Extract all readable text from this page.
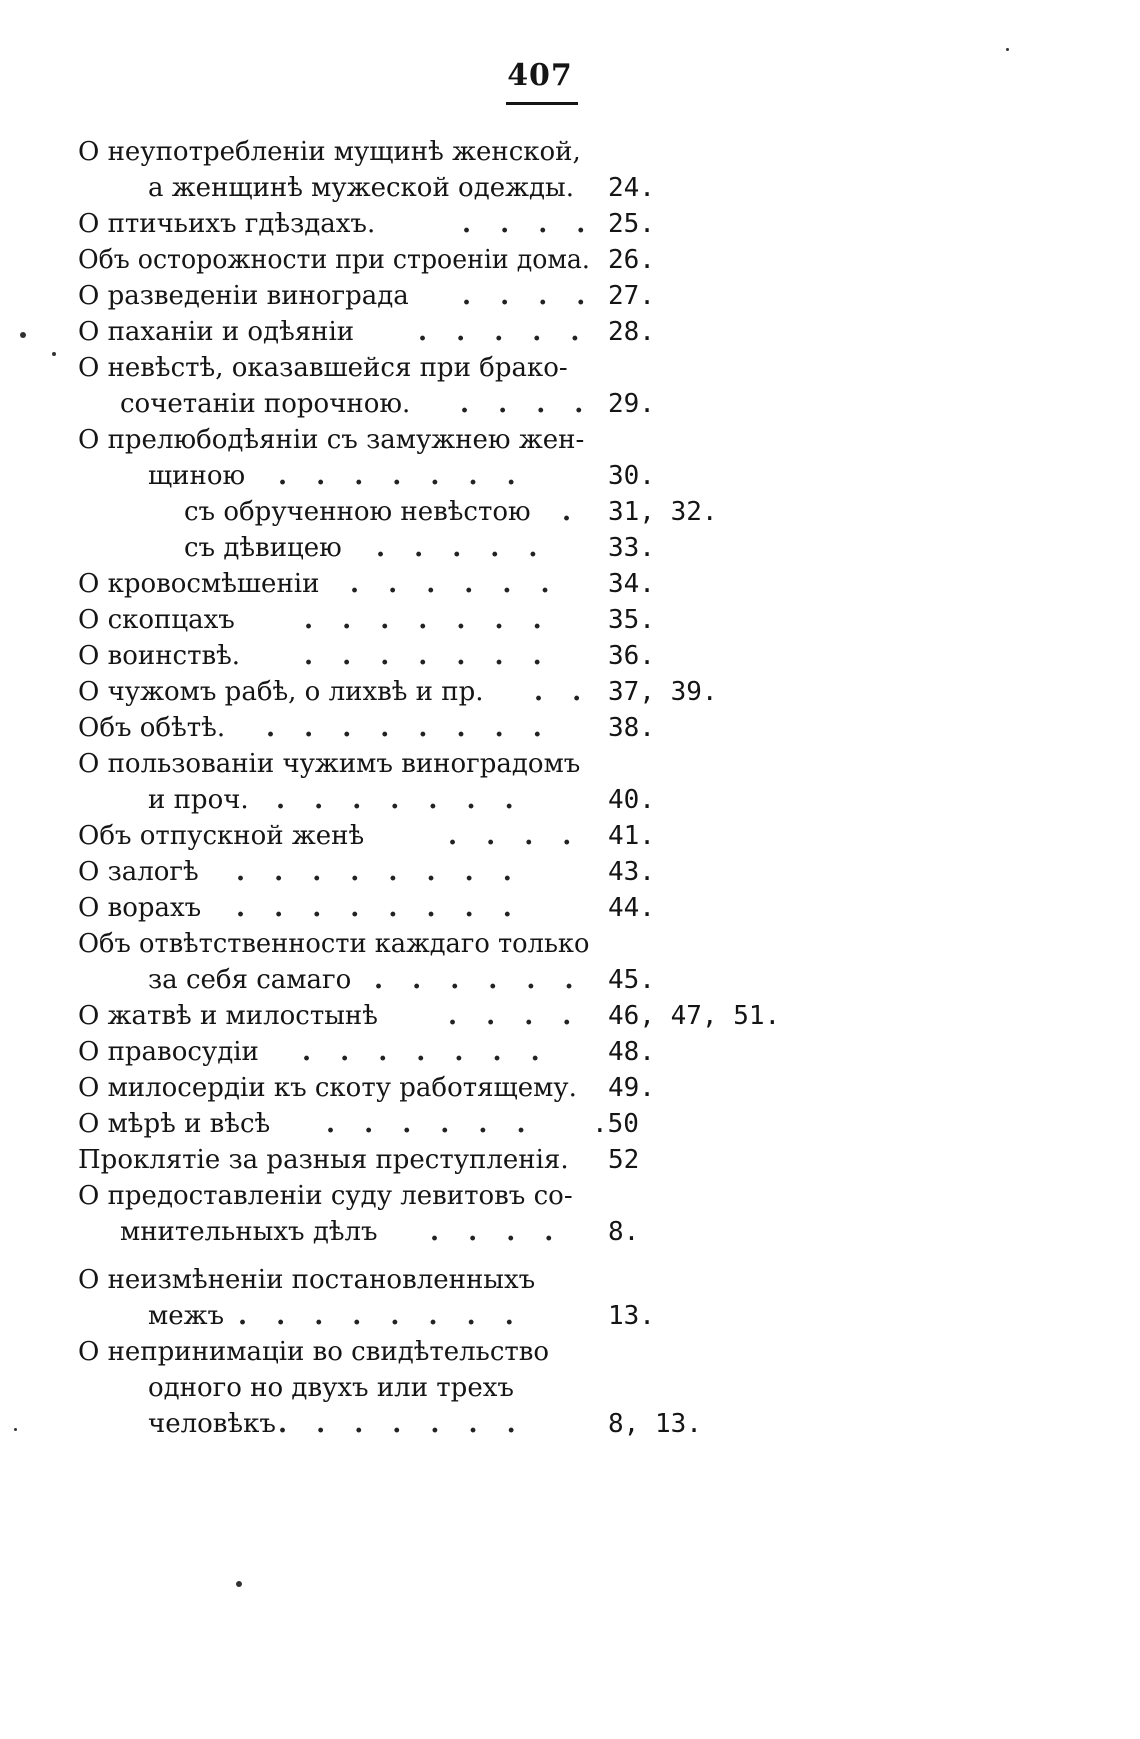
407
О неупотребленіи мущинѣ женской,
а женщинѣ мужеской одежды. 24.
О птичьихъ гдѣздахъ.	. . . . 25.
Объ осторожности при строеніи дома. 26.
О разведеніи винограда . . . . 27.
О паханіи и одѣяніи . . . . . 28.
О невѣстѣ, оказавшейся при брако-
сочетаніи порочною. . . . . 29.
О прелюбодѣяніи съ замужнею жен-
щиною . . . . . . .	30.
съ обрученною невѣстою . 31, 32.
съ дѣвицею . . . . . 33.
О кровосмѣшеніи . . . . . . 34.
О скопцахъ	. . . . . . . 35.
О воинствѣ. . . . . . . . 36.
О чужомъ рабѣ, о лихвѣ и пр. . . 37, 39.
Объ обѣтѣ. . . . . . . . . 38.
О пользованіи чужимъ виноградомъ
и проч. . . . . . . .	40.
Объ отпускной женѣ	. . . . 41.
О залогѣ . . . . . . . .	43.
О ворахъ . . . . . . . .	44.
Объ отвѣтственности каждаго только
за себя самаго . . . . . . 45.
О жатвѣ и милостынѣ	. . . . 46, 47, 51.
О правосудіи . . . . . . . 48.
О милосердіи къ скоту работящему. 49.
О мѣрѣ и вѣсѣ . . . . . . .50
Проклятіе за разныя преступленія. 52
О предоставленіи суду левитовъ со-
мнительныхъ дѣлъ . . . . 8.
О неизмѣненіи постановленныхъ
межъ . . . . . . . .	13.
О непринимаціи во свидѣтельство
одного но двухъ или трехъ
человѣкъ . . . . . . .	8, 13.
